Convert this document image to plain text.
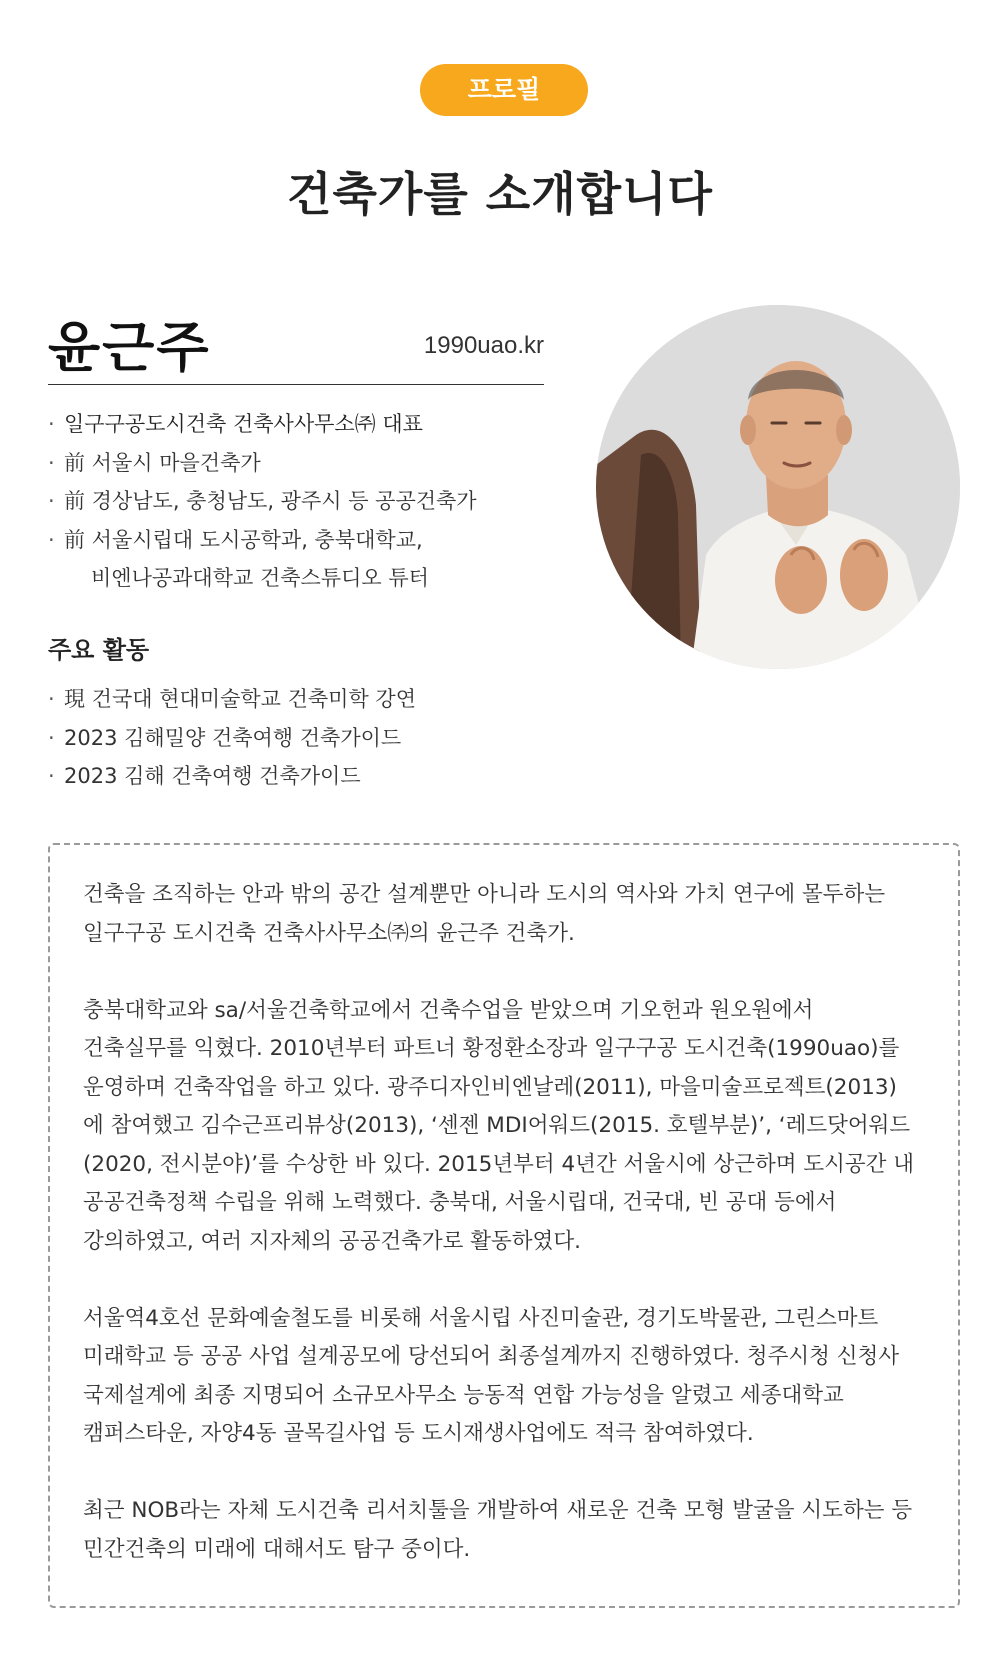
프로필
건축가를 소개합니다
윤근주	1990uao.kr
· 일구구공도시건축 건축사사무소㈜ 대표
· 前 서울시 마을건축가
· 前 경상남도, 충청남도, 광주시 등 공공건축가
· 前 서울시립대 도시공학과, 충북대학교,
비엔나공과대학교 건축스튜디오 튜터
주요 활동
· 現 건국대 현대미술학교 건축미학 강연
· 2023 김해밀양 건축여행 건축가이드
· 2023 김해 건축여행 건축가이드

건축을 조직하는 안과 밖의 공간 설계뿐만 아니라 도시의 역사와 가치 연구에 몰두하는

일구구공 도시건축 건축사사무소㈜의 윤근주 건축가.

충북대학교와 sa/서울건축학교에서 건축수업을 받았으며 기오헌과 원오원에서

건축실무를 익혔다. 2010년부터 파트너 황정환소장과 일구구공 도시건축(1990uao)를

운영하며 건축작업을 하고 있다. 광주디자인비엔날레(2011), 마을미술프로젝트(2013)

에 참여했고 김수근프리뷰상(2013), ‘센젠 MDI어워드(2015. 호텔부분)’, ‘레드닷어워드

(2020, 전시분야)’를 수상한 바 있다. 2015년부터 4년간 서울시에 상근하며 도시공간 내

공공건축정책 수립을 위해 노력했다. 충북대, 서울시립대, 건국대, 빈 공대 등에서

강의하였고, 여러 지자체의 공공건축가로 활동하였다.

서울역4호선 문화예술철도를 비롯해 서울시립 사진미술관, 경기도박물관, 그린스마트

미래학교 등 공공 사업 설계공모에 당선되어 최종설계까지 진행하였다. 청주시청 신청사

국제설계에 최종 지명되어 소규모사무소 능동적 연합 가능성을 알렸고 세종대학교

캠퍼스타운, 자양4동 골목길사업 등 도시재생사업에도 적극 참여하였다.

최근 NOB라는 자체 도시건축 리서치툴을 개발하여 새로운 건축 모형 발굴을 시도하는 등

민간건축의 미래에 대해서도 탐구 중이다.
